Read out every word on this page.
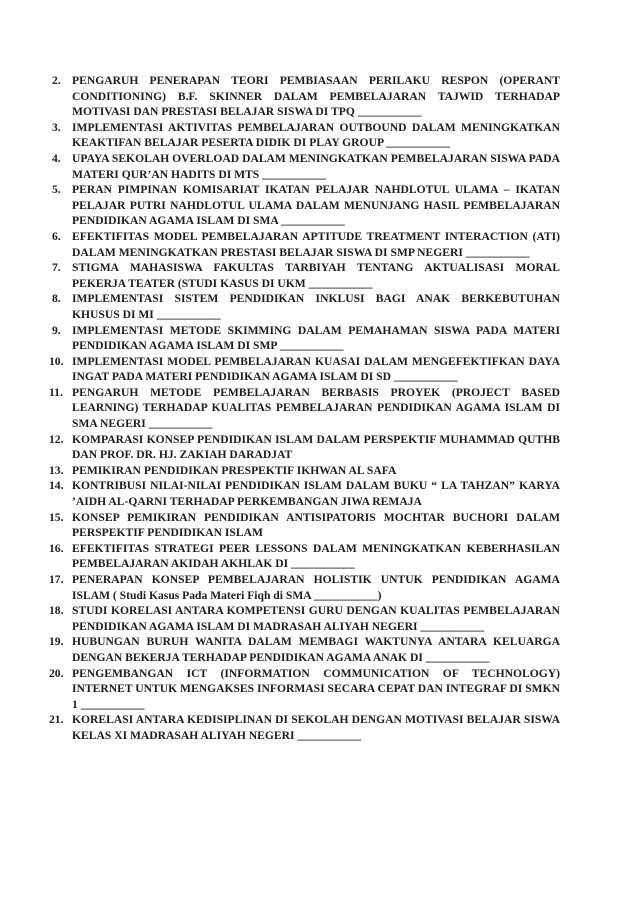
2. PENGARUH PENERAPAN TEORI PEMBIASAAN PERILAKU RESPON (OPERANT CONDITIONING) B.F. SKINNER DALAM PEMBELAJARAN TAJWID TERHADAP MOTIVASI DAN PRESTASI BELAJAR SISWA DI TPQ ___________
3. IMPLEMENTASI AKTIVITAS PEMBELAJARAN OUTBOUND DALAM MENINGKATKAN KEAKTIFAN BELAJAR PESERTA DIDIK DI PLAY GROUP ___________
4. UPAYA SEKOLAH OVERLOAD DALAM MENINGKATKAN PEMBELAJARAN SISWA PADA MATERI QUR’AN HADITS DI MTS ___________
5. PERAN PIMPINAN KOMISARIAT IKATAN PELAJAR NAHDLOTUL ULAMA – IKATAN PELAJAR PUTRI NAHDLOTUL ULAMA DALAM MENUNJANG HASIL PEMBELAJARAN PENDIDIKAN AGAMA ISLAM DI SMA ___________
6. EFEKTIFITAS MODEL PEMBELAJARAN APTITUDE TREATMENT INTERACTION (ATI) DALAM MENINGKATKAN PRESTASI BELAJAR SISWA DI SMP NEGERI ___________
7. STIGMA MAHASISWA FAKULTAS TARBIYAH TENTANG AKTUALISASI MORAL PEKERJA TEATER (STUDI KASUS DI UKM ___________
8. IMPLEMENTASI SISTEM PENDIDIKAN INKLUSI BAGI ANAK BERKEBUTUHAN KHUSUS DI MI ___________
9. IMPLEMENTASI METODE SKIMMING DALAM PEMAHAMAN SISWA PADA MATERI PENDIDIKAN AGAMA ISLAM DI SMP ___________
10. IMPLEMENTASI MODEL PEMBELAJARAN KUASAI DALAM MENGEFEKTIFKAN DAYA INGAT PADA MATERI PENDIDIKAN AGAMA ISLAM DI SD ___________
11. PENGARUH METODE PEMBELAJARAN BERBASIS PROYEK (PROJECT BASED LEARNING) TERHADAP KUALITAS PEMBELAJARAN PENDIDIKAN AGAMA ISLAM DI SMA NEGERI ___________
12. KOMPARASI KONSEP PENDIDIKAN ISLAM DALAM PERSPEKTIF MUHAMMAD QUTHB DAN PROF. DR. HJ. ZAKIAH DARADJAT
13. PEMIKIRAN PENDIDIKAN PRESPEKTIF IKHWAN AL SAFA
14. KONTRIBUSI NILAI-NILAI PENDIDIKAN ISLAM DALAM BUKU “ LA TAHZAN” KARYA ’AIDH AL-QARNI TERHADAP PERKEMBANGAN JIWA REMAJA
15. KONSEP PEMIKIRAN PENDIDIKAN ANTISIPATORIS MOCHTAR BUCHORI DALAM PERSPEKTIF PENDIDIKAN ISLAM
16. EFEKTIFITAS STRATEGI PEER LESSONS DALAM MENINGKATKAN KEBERHASILAN PEMBELAJARAN AKIDAH AKHLAK DI ___________
17. PENERAPAN KONSEP PEMBELAJARAN HOLISTIK UNTUK PENDIDIKAN AGAMA ISLAM ( Studi Kasus Pada Materi Fiqh di SMA ___________)
18. STUDI KORELASI ANTARA KOMPETENSI GURU DENGAN KUALITAS PEMBELAJARAN PENDIDIKAN AGAMA ISLAM DI MADRASAH ALIYAH NEGERI ___________
19. HUBUNGAN BURUH WANITA DALAM MEMBAGI WAKTUNYA ANTARA KELUARGA DENGAN BEKERJA TERHADAP PENDIDIKAN AGAMA ANAK DI ___________
20. PENGEMBANGAN ICT (INFORMATION COMMUNICATION OF TECHNOLOGY) INTERNET UNTUK MENGAKSES INFORMASI SECARA CEPAT DAN INTEGRAF DI SMKN 1 ___________
21. KORELASI ANTARA KEDISIPLINAN DI SEKOLAH DENGAN MOTIVASI BELAJAR SISWA KELAS XI MADRASAH ALIYAH NEGERI ___________
